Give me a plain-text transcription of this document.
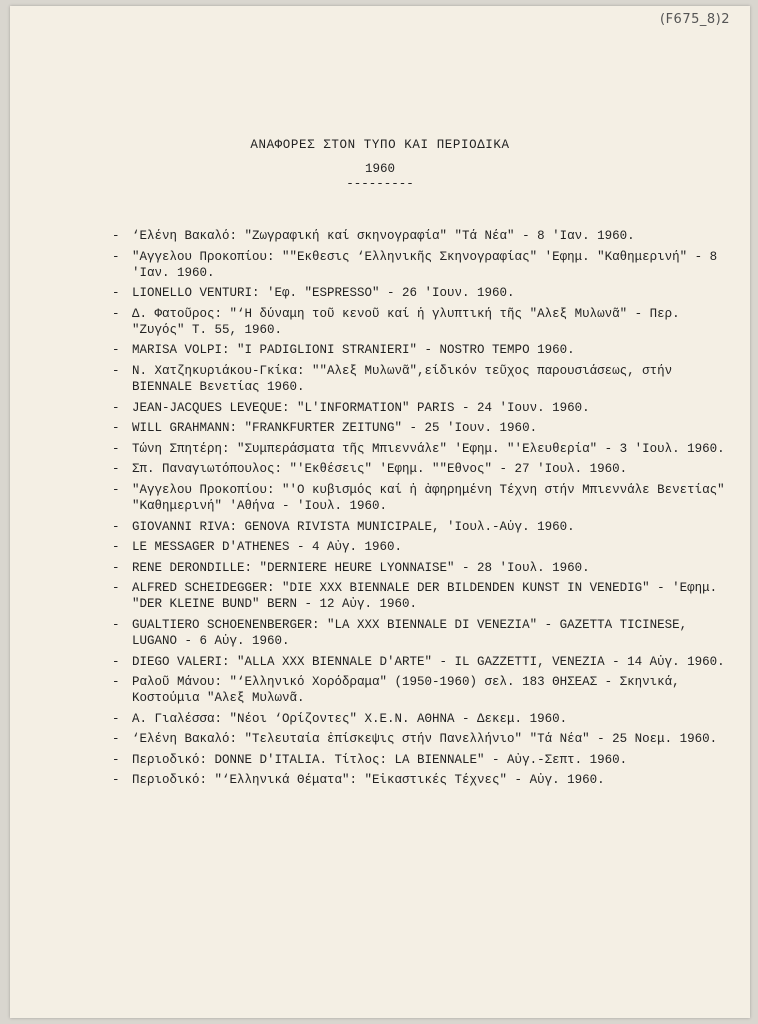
(F675_8)2
ΑΝΑΦΟΡΕΣ ΣΤΟΝ ΤΥΠΟ ΚΑΙ ΠΕΡΙΟΔΙΚΑ
1960
---------
- ‘Ελένη Βακαλό: "Ζωγραφική καί σκηνογραφία" "Τά Νέα" - 8 'Ιαν. 1960.
- "Αγγελου Προκοπίου: ""Εκθεσις ‘Ελληνικῆς Σκηνογραφίας" 'Εφημ. "Καθημερινή" - 8 'Ιαν. 1960.
- LIONELLO VENTURI: 'Εφ. "ESPRESSO" - 26 'Ιουν. 1960.
- Δ. Φατοῦρος: "‘Η δύναμη τοῦ κενοῦ καί ἡ γλυπτική τῆς "Αλεξ Μυλωνᾶ" - Περ. "Ζυγός" Τ. 55, 1960.
- MARISA VOLPI: "I PADIGLIONI STRANIERI" - NOSTRO TEMPO 1960.
- Ν. Χατζηκυριάκου-Γκίκα: ""Αλεξ Μυλωνᾶ",είδικόν τεῦχος παρουσιάσεως, στήν BIENNALE Βενετίας 1960.
- JEAN-JACQUES LEVEQUE: "L'INFORMATION" PARIS - 24 'Ιουν. 1960.
- WILL GRAHMANN: "FRANKFURTER ZEITUNG" - 25 'Ιουν. 1960.
- Τώνη Σπητέρη: "Συμπεράσματα τῆς Μπιεννάλε" 'Εφημ. "'Ελευθερία" - 3 'Ιουλ. 1960.
- Σπ. Παναγιωτόπουλος: "'Εκθέσεις" 'Εφημ. ""Εθνος" - 27 'Ιουλ. 1960.
- "Αγγελου Προκοπίου: "'Ο κυβισμός καί ἡ ἀφηρημένη Τέχνη στήν Μπιεννάλε Βενετίας" "Καθημερινή" 'Αθήνα - 'Ιουλ. 1960.
- GIOVANNI RIVA: GENOVA RIVISTA MUNICIPALE, 'Ιουλ.-Αὐγ. 1960.
- LE MESSAGER D'ATHENES - 4 Αὐγ. 1960.
- RENE DERONDILLE: "DERNIERE HEURE LYONNAISE" - 28 'Ιουλ. 1960.
- ALFRED SCHEIDEGGER: "DIE XXX BIENNALE DER BILDENDEN KUNST IN VENEDIG" - 'Εφημ. "DER KLEINE BUND" BERN - 12 Αὐγ. 1960.
- GUALTIERO SCHOENENBERGER: "LA XXX BIENNALE DI VENEZIA" - GAZETTA TICINESE, LUGANO - 6 Αὐγ. 1960.
- DIEGO VALERI: "ALLA XXX BIENNALE D'ARTE" - IL GAZZETTI, VENEZIA - 14 Αὐγ. 1960.
- Ραλοῦ Μάνου: "‘Ελληνικό Χορόδραμα" (1950-1960) σελ. 183 ΘΗΣΕΑΣ - Σκηνικά, Κοστούμια "Αλεξ Μυλωνᾶ.
- Α. Γιαλέσσα: "Νέοι ‘Ορίζοντες" Χ.Ε.Ν. ΑΘΗΝΑ - Δεκεμ. 1960.
- ‘Ελένη Βακαλό: "Τελευταία ἐπίσκεψις στήν Πανελλήνιο" "Τά Νέα" - 25 Νοεμ. 1960.
- Περιοδικό: DONNE D'ITALIA. Τίτλος: LA BIENNALE" - Αὐγ.-Σεπτ. 1960.
- Περιοδικό: "‘Ελληνικά Θέματα": "Εἰκαστικές Τέχνες" - Αὐγ. 1960.
